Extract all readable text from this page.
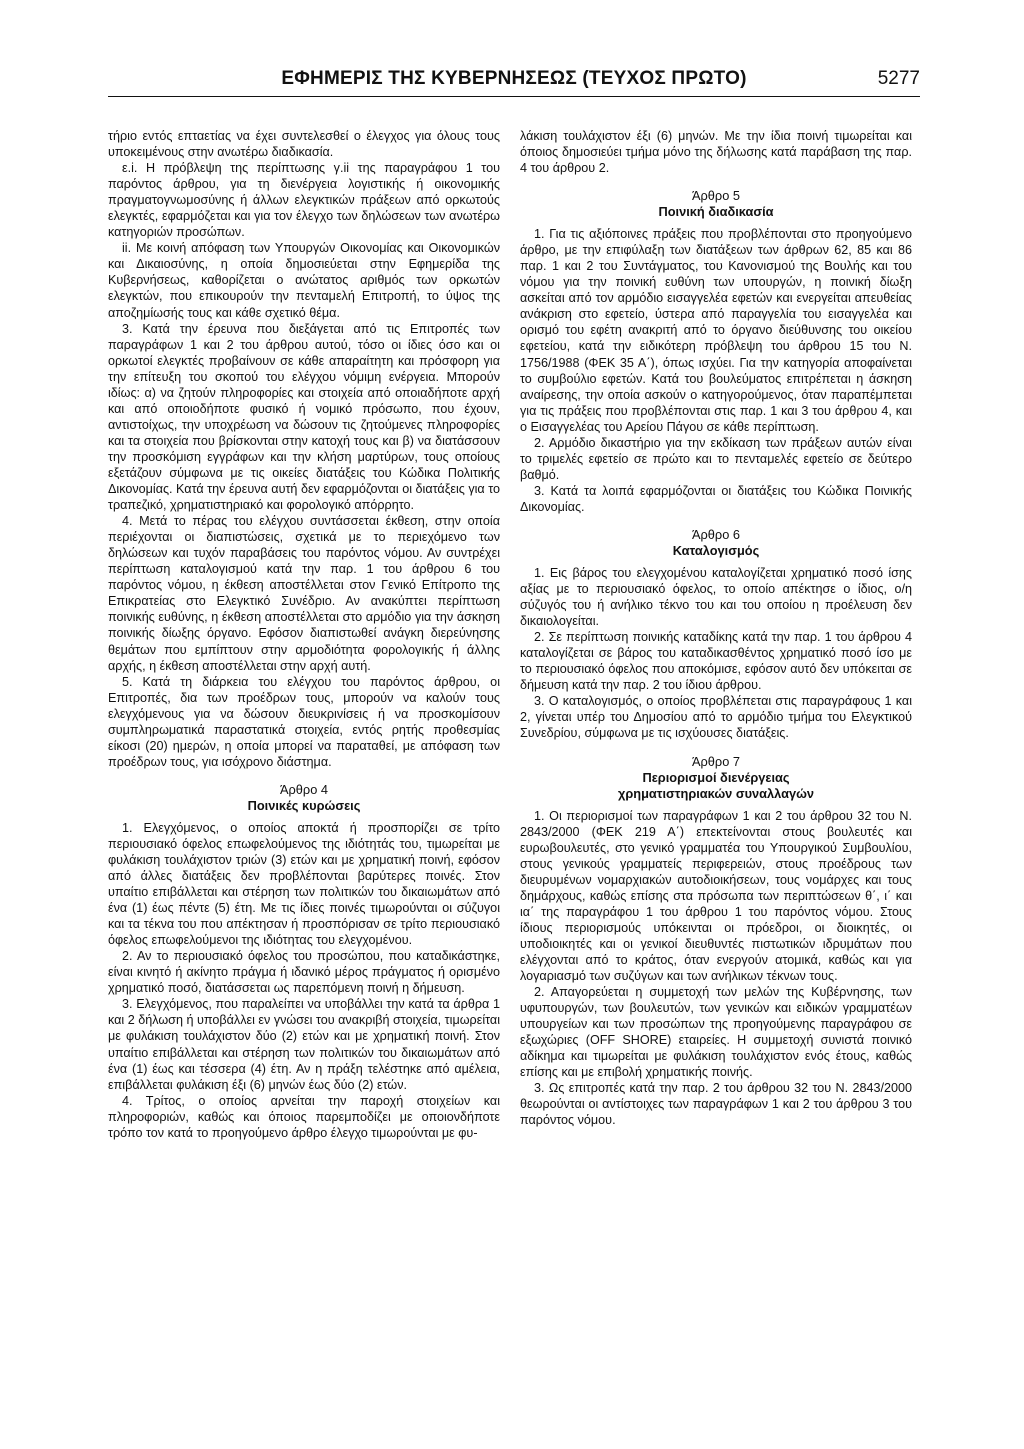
ΕΦΗΜΕΡΙΣ ΤΗΣ ΚΥΒΕΡΝΗΣΕΩΣ (ΤΕΥΧΟΣ ΠΡΩΤΟ)	5277

τήριο εντός επταετίας να έχει συντελεσθεί ο έλεγχος για όλους τους υποκειμένους στην ανωτέρω διαδικασία.

ε.i. Η πρόβλεψη της περίπτωσης γ.ii της παραγράφου 1 του παρόντος άρθρου, για τη διενέργεια λογιστικής ή οικονομικής πραγματογνωμοσύνης ή άλλων ελεγκτικών πράξεων από ορκωτούς ελεγκτές, εφαρμόζεται και για τον έλεγχο των δηλώσεων των ανωτέρω κατηγοριών προσώπων.

ii. Με κοινή απόφαση των Υπουργών Οικονομίας και Οικονομικών και Δικαιοσύνης, η οποία δημοσιεύεται στην Εφημερίδα της Κυβερνήσεως, καθορίζεται ο ανώτατος αριθμός των ορκωτών ελεγκτών, που επικουρούν την πενταμελή Επιτροπή, το ύψος της αποζημίωσής τους και κάθε σχετικό θέμα.

3. Κατά την έρευνα που διεξάγεται από τις Επιτροπές των παραγράφων 1 και 2 του άρθρου αυτού, τόσο οι ίδιες όσο και οι ορκωτοί ελεγκτές προβαίνουν σε κάθε απαραίτητη και πρόσφορη για την επίτευξη του σκοπού του ελέγχου νόμιμη ενέργεια. Μπορούν ιδίως: α) να ζητούν πληροφορίες και στοιχεία από οποιαδήποτε αρχή και από οποιοδήποτε φυσικό ή νομικό πρόσωπο, που έχουν, αντιστοίχως, την υποχρέωση να δώσουν τις ζητούμενες πληροφορίες και τα στοιχεία που βρίσκονται στην κατοχή τους και β) να διατάσσουν την προσκόμιση εγγράφων και την κλήση μαρτύρων, τους οποίους εξετάζουν σύμφωνα με τις οικείες διατάξεις του Κώδικα Πολιτικής Δικονομίας. Κατά την έρευνα αυτή δεν εφαρμόζονται οι διατάξεις για το τραπεζικό, χρηματιστηριακό και φορολογικό απόρρητο.

4. Μετά το πέρας του ελέγχου συντάσσεται έκθεση, στην οποία περιέχονται οι διαπιστώσεις, σχετικά με το περιεχόμενο των δηλώσεων και τυχόν παραβάσεις του παρόντος νόμου. Αν συντρέχει περίπτωση καταλογισμού κατά την παρ. 1 του άρθρου 6 του παρόντος νόμου, η έκθεση αποστέλλεται στον Γενικό Επίτροπο της Επικρατείας στο Ελεγκτικό Συνέδριο. Αν ανακύπτει περίπτωση ποινικής ευθύνης, η έκθεση αποστέλλεται στο αρμόδιο για την άσκηση ποινικής δίωξης όργανο. Εφόσον διαπιστωθεί ανάγκη διερεύνησης θεμάτων που εμπίπτουν στην αρμοδιότητα φορολογικής ή άλλης αρχής, η έκθεση αποστέλλεται στην αρχή αυτή.

5. Κατά τη διάρκεια του ελέγχου του παρόντος άρθρου, οι Επιτροπές, δια των προέδρων τους, μπορούν να καλούν τους ελεγχόμενους για να δώσουν διευκρινίσεις ή να προσκομίσουν συμπληρωματικά παραστατικά στοιχεία, εντός ρητής προθεσμίας είκοσι (20) ημερών, η οποία μπορεί να παραταθεί, με απόφαση των προέδρων τους, για ισόχρονο διάστημα.

Άρθρο 4
Ποινικές κυρώσεις

1. Ελεγχόμενος, ο οποίος αποκτά ή προσπορίζει σε τρίτο περιουσιακό όφελος επωφελούμενος της ιδιότητάς του, τιμωρείται με φυλάκιση τουλάχιστον τριών (3) ετών και με χρηματική ποινή, εφόσον από άλλες διατάξεις δεν προβλέπονται βαρύτερες ποινές. Στον υπαίτιο επιβάλλεται και στέρηση των πολιτικών του δικαιωμάτων από ένα (1) έως πέντε (5) έτη. Με τις ίδιες ποινές τιμωρούνται οι σύζυγοι και τα τέκνα του που απέκτησαν ή προσπόρισαν σε τρίτο περιουσιακό όφελος επωφελούμενοι της ιδιότητας του ελεγχομένου.

2. Αν το περιουσιακό όφελος του προσώπου, που καταδικάστηκε, είναι κινητό ή ακίνητο πράγμα ή ιδανικό μέρος πράγματος ή ορισμένο χρηματικό ποσό, διατάσσεται ως παρεπόμενη ποινή η δήμευση.

3. Ελεγχόμενος, που παραλείπει να υποβάλλει την κατά τα άρθρα 1 και 2 δήλωση ή υποβάλλει εν γνώσει του ανακριβή στοιχεία, τιμωρείται με φυλάκιση τουλάχιστον δύο (2) ετών και με χρηματική ποινή. Στον υπαίτιο επιβάλλεται και στέρηση των πολιτικών του δικαιωμάτων από ένα (1) έως και τέσσερα (4) έτη. Αν η πράξη τελέστηκε από αμέλεια, επιβάλλεται φυλάκιση έξι (6) μηνών έως δύο (2) ετών.

4. Τρίτος, ο οποίος αρνείται την παροχή στοιχείων και πληροφοριών, καθώς και όποιος παρεμποδίζει με οποιονδήποτε τρόπο τον κατά το προηγούμενο άρθρο έλεγχο τιμωρούνται με φυ-

λάκιση τουλάχιστον έξι (6) μηνών. Με την ίδια ποινή τιμωρείται και όποιος δημοσιεύει τμήμα μόνο της δήλωσης κατά παράβαση της παρ. 4 του άρθρου 2.

Άρθρο 5
Ποινική διαδικασία

1. Για τις αξιόποινες πράξεις που προβλέπονται στο προηγούμενο άρθρο, με την επιφύλαξη των διατάξεων των άρθρων 62, 85 και 86 παρ. 1 και 2 του Συντάγματος, του Κανονισμού της Βουλής και του νόμου για την ποινική ευθύνη των υπουργών, η ποινική δίωξη ασκείται από τον αρμόδιο εισαγγελέα εφετών και ενεργείται απευθείας ανάκριση στο εφετείο, ύστερα από παραγγελία του εισαγγελέα και ορισμό του εφέτη ανακριτή από το όργανο διεύθυνσης του οικείου εφετείου, κατά την ειδικότερη πρόβλεψη του άρθρου 15 του Ν. 1756/1988 (ΦΕΚ 35 Α΄), όπως ισχύει. Για την κατηγορία αποφαίνεται το συμβούλιο εφετών. Κατά του βουλεύματος επιτρέπεται η άσκηση αναίρεσης, την οποία ασκούν ο κατηγορούμενος, όταν παραπέμπεται για τις πράξεις που προβλέπονται στις παρ. 1 και 3 του άρθρου 4, και ο Εισαγγελέας του Αρείου Πάγου σε κάθε περίπτωση.

2. Αρμόδιο δικαστήριο για την εκδίκαση των πράξεων αυτών είναι το τριμελές εφετείο σε πρώτο και το πενταμελές εφετείο σε δεύτερο βαθμό.

3. Κατά τα λοιπά εφαρμόζονται οι διατάξεις του Κώδικα Ποινικής Δικονομίας.

Άρθρο 6
Καταλογισμός

1. Εις βάρος του ελεγχομένου καταλογίζεται χρηματικό ποσό ίσης αξίας με το περιουσιακό όφελος, το οποίο απέκτησε ο ίδιος, ο/η σύζυγός του ή ανήλικο τέκνο του και του οποίου η προέλευση δεν δικαιολογείται.

2. Σε περίπτωση ποινικής καταδίκης κατά την παρ. 1 του άρθρου 4 καταλογίζεται σε βάρος του καταδικασθέντος χρηματικό ποσό ίσο με το περιουσιακό όφελος που αποκόμισε, εφόσον αυτό δεν υπόκειται σε δήμευση κατά την παρ. 2 του ίδιου άρθρου.

3. Ο καταλογισμός, ο οποίος προβλέπεται στις παραγράφους 1 και 2, γίνεται υπέρ του Δημοσίου από το αρμόδιο τμήμα του Ελεγκτικού Συνεδρίου, σύμφωνα με τις ισχύουσες διατάξεις.

Άρθρο 7
Περιορισμοί διενέργειας
χρηματιστηριακών συναλλαγών

1. Οι περιορισμοί των παραγράφων 1 και 2 του άρθρου 32 του Ν. 2843/2000 (ΦΕΚ 219 Α΄) επεκτείνονται στους βουλευτές και ευρωβουλευτές, στο γενικό γραμματέα του Υπουργικού Συμβουλίου, στους γενικούς γραμματείς περιφερειών, στους προέδρους των διευρυμένων νομαρχιακών αυτοδιοικήσεων, τους νομάρχες και τους δημάρχους, καθώς επίσης στα πρόσωπα των περιπτώσεων θ΄, ι΄ και ια΄ της παραγράφου 1 του άρθρου 1 του παρόντος νόμου. Στους ίδιους περιορισμούς υπόκεινται οι πρόεδροι, οι διοικητές, οι υποδιοικητές και οι γενικοί διευθυντές πιστωτικών ιδρυμάτων που ελέγχονται από το κράτος, όταν ενεργούν ατομικά, καθώς και για λογαριασμό των συζύγων και των ανήλικων τέκνων τους.

2. Απαγορεύεται η συμμετοχή των μελών της Κυβέρνησης, των υφυπουργών, των βουλευτών, των γενικών και ειδικών γραμματέων υπουργείων και των προσώπων της προηγούμενης παραγράφου σε εξωχώριες (OFF SHORE) εταιρείες. Η συμμετοχή συνιστά ποινικό αδίκημα και τιμωρείται με φυλάκιση τουλάχιστον ενός έτους, καθώς επίσης και με επιβολή χρηματικής ποινής.

3. Ως επιτροπές κατά την παρ. 2 του άρθρου 32 του Ν. 2843/2000 θεωρούνται οι αντίστοιχες των παραγράφων 1 και 2 του άρθρου 3 του παρόντος νόμου.
